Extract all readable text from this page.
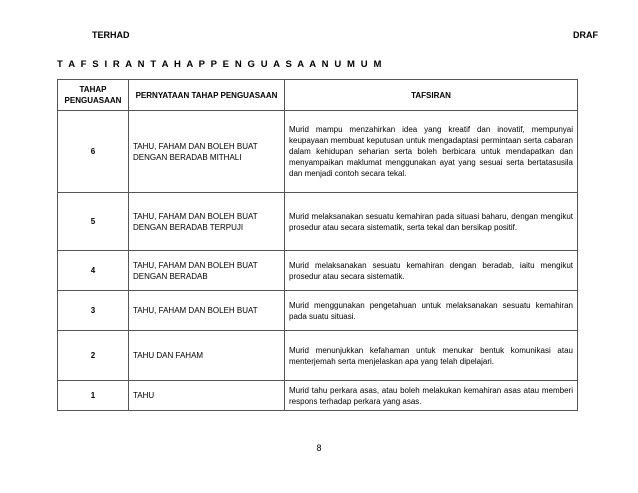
TERHAD	DRAF
T A F S I R A N T A H A P P E N G U A S A A N U M U M
TAHAP PENGUASAAN	PERNYATAAN TAHAP PENGUASAAN	TAFSIRAN
6	TAHU, FAHAM DAN BOLEH BUAT DENGAN BERADAB MITHALI	Murid mampu menzahirkan idea yang kreatif dan inovatif, mempunyai keupayaan membuat keputusan untuk mengadaptasi permintaan serta cabaran dalam kehidupan seharian serta boleh berbicara untuk mendapatkan dan menyampaikan maklumat menggunakan ayat yang sesuai serta bertatasusila dan menjadi contoh secara tekal.
5	TAHU, FAHAM DAN BOLEH BUAT DENGAN BERADAB TERPUJI	Murid melaksanakan sesuatu kemahiran pada situasi baharu, dengan mengikut prosedur atau secara sistematik, serta tekal dan bersikap positif.
4	TAHU, FAHAM DAN BOLEH BUAT DENGAN BERADAB	Murid melaksanakan sesuatu kemahiran dengan beradab, iaitu mengikut prosedur atau secara sistematik.
3	TAHU, FAHAM DAN BOLEH BUAT	Murid menggunakan pengetahuan untuk melaksanakan sesuatu kemahiran pada suatu situasi.
2	TAHU DAN FAHAM	Murid menunjukkan kefahaman untuk menukar bentuk komunikasi atau menterjemah serta menjelaskan apa yang telah dipelajari.
1	TAHU	Murid tahu perkara asas, atau boleh melakukan kemahiran asas atau memberi respons terhadap perkara yang asas.
8
